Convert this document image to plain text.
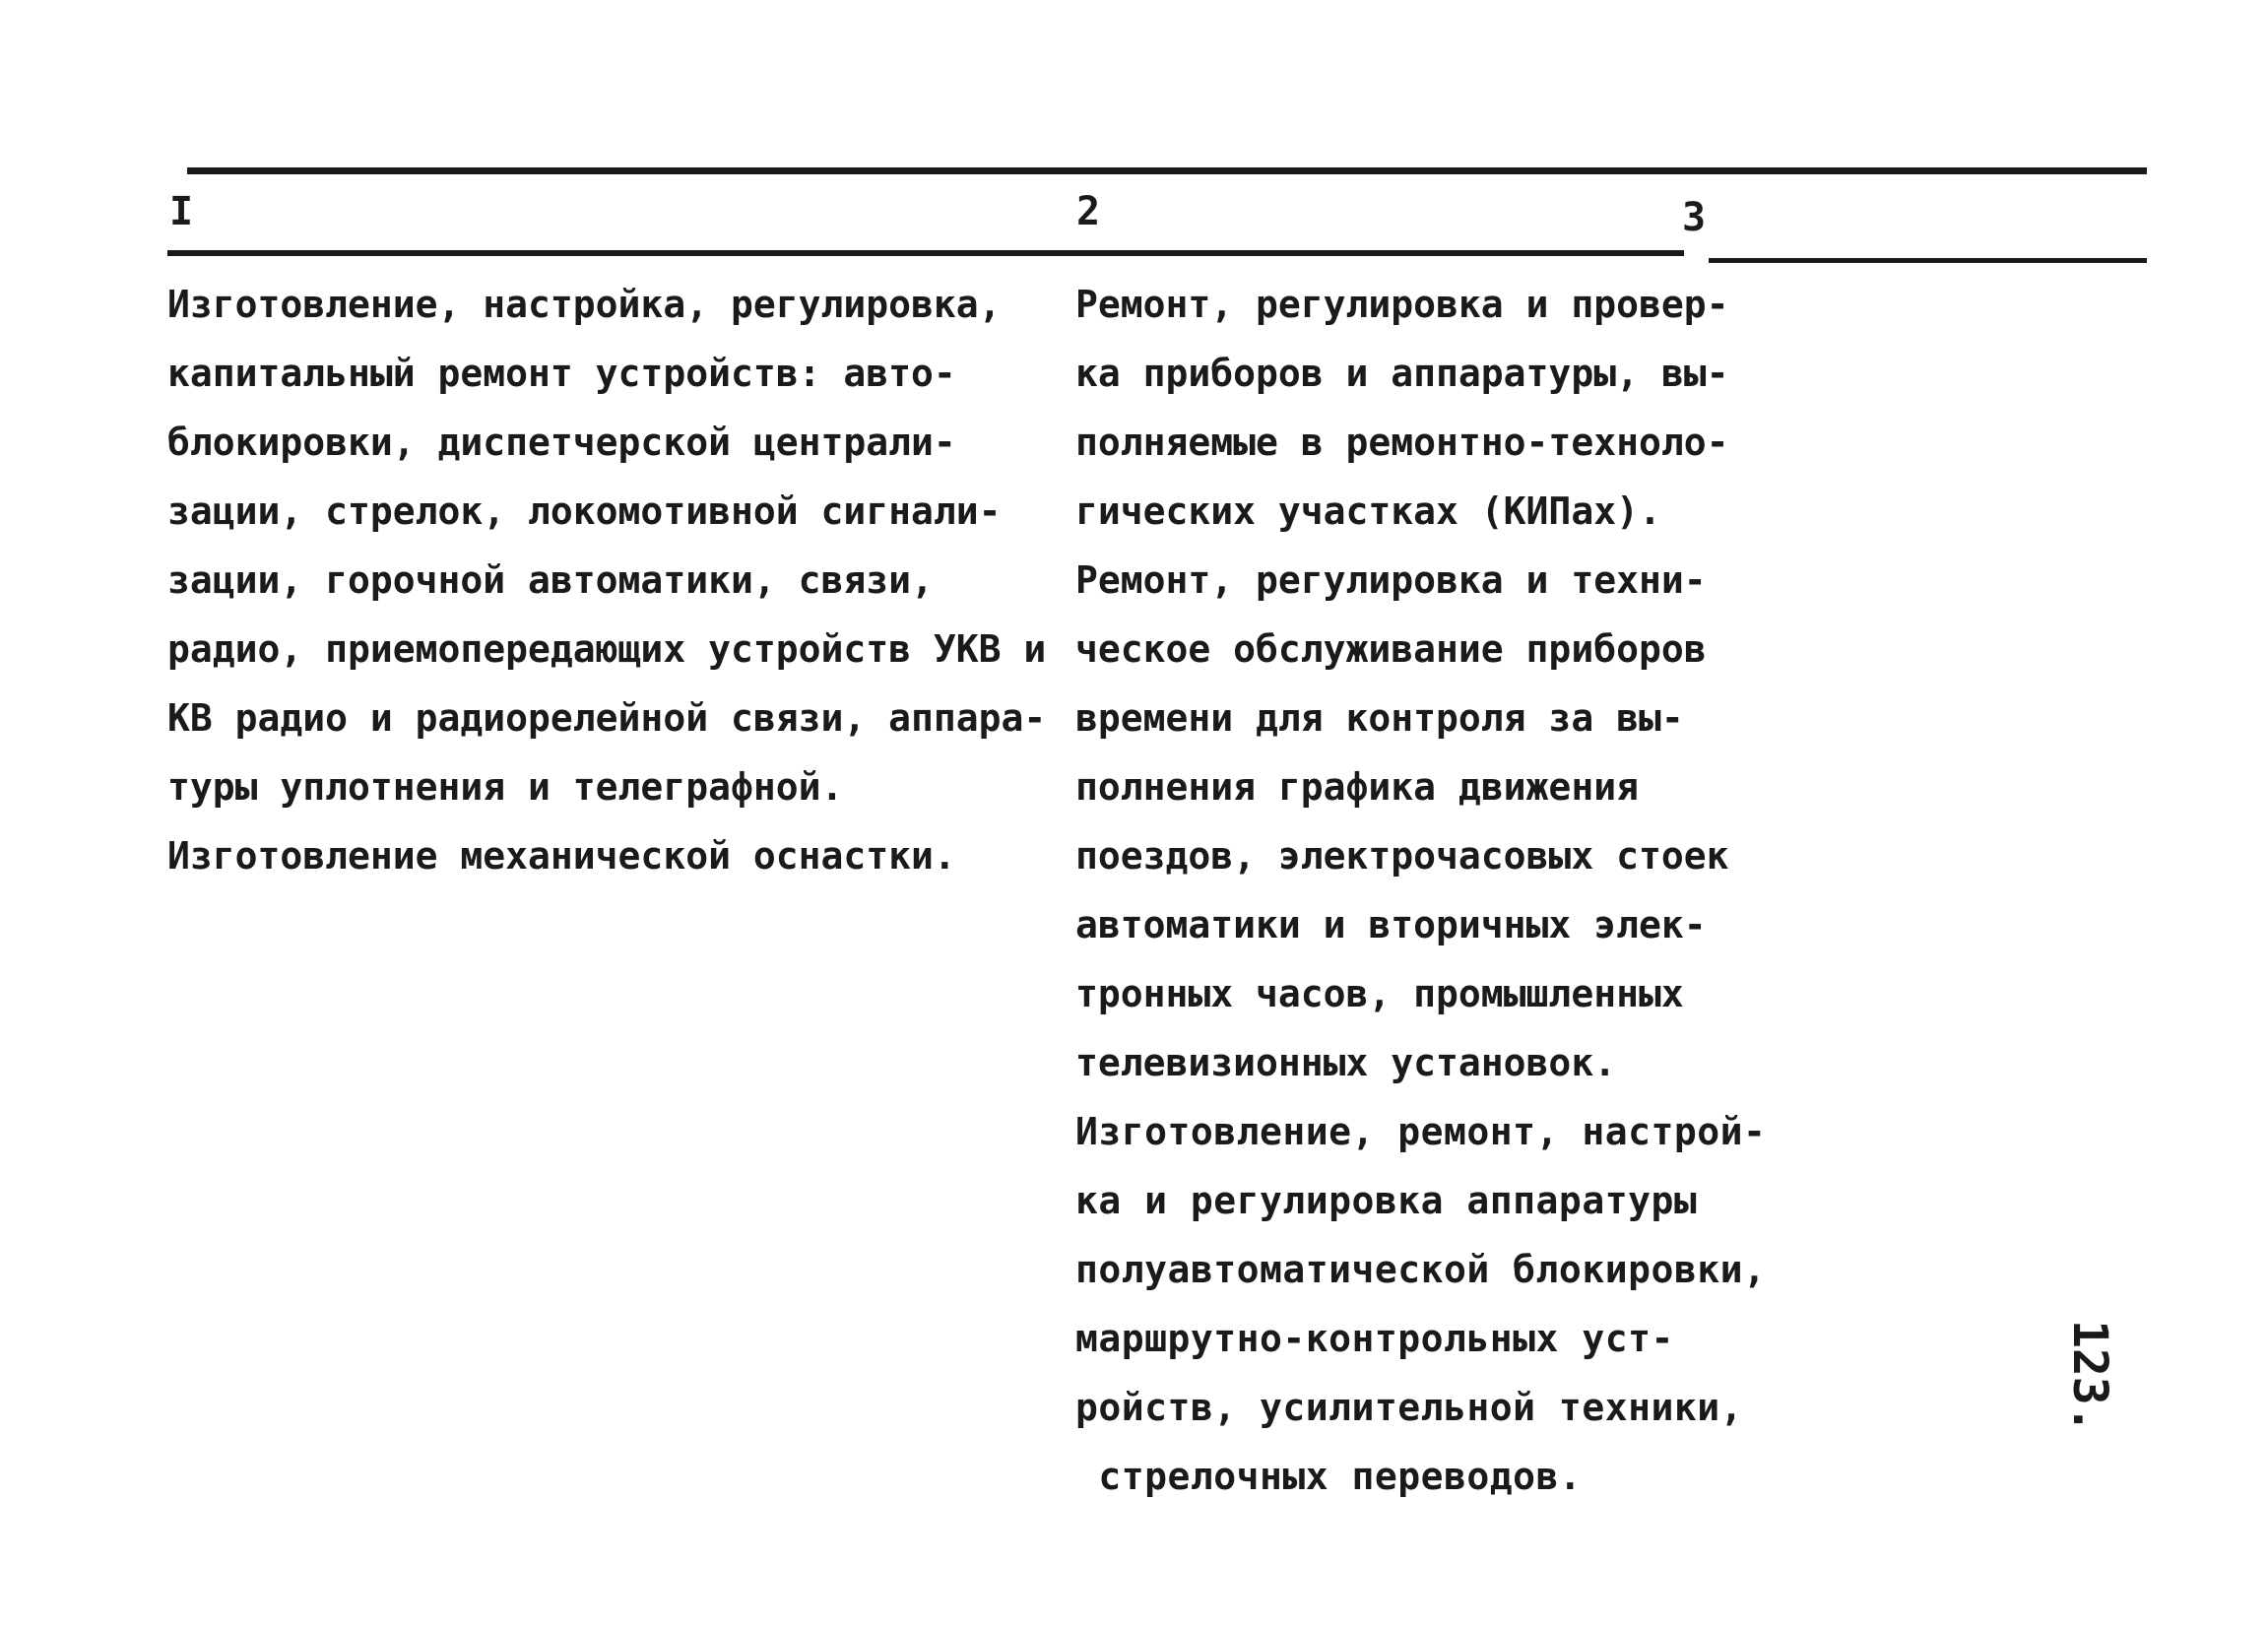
I	2	3
Изготовление, настройка, регулировка,
капитальный ремонт устройств: авто-
блокировки, диспетчерской централи-
зации, стрелок, локомотивной сигнали-
зации, горочной автоматики, связи,
радио, приемопередающих устройств УКВ и
КВ радио и радиорелейной связи, аппара-
туры уплотнения и телеграфной.
Изготовление механической оснастки.
Ремонт, регулировка и провер-
ка приборов и аппаратуры, вы-
полняемые в ремонтно-техноло-
гических участках (КИПах).
Ремонт, регулировка и техни-
ческое обслуживание приборов
времени для контроля за вы-
полнения графика движения
поездов, электрочасовых стоек
автоматики и вторичных элек-
тронных часов, промышленных
телевизионных установок.
Изготовление, ремонт, настрой-
ка и регулировка аппаратуры
полуавтоматической блокировки,
маршрутно-контрольных уст-
ройств, усилительной техники,
стрелочных переводов.
123.
